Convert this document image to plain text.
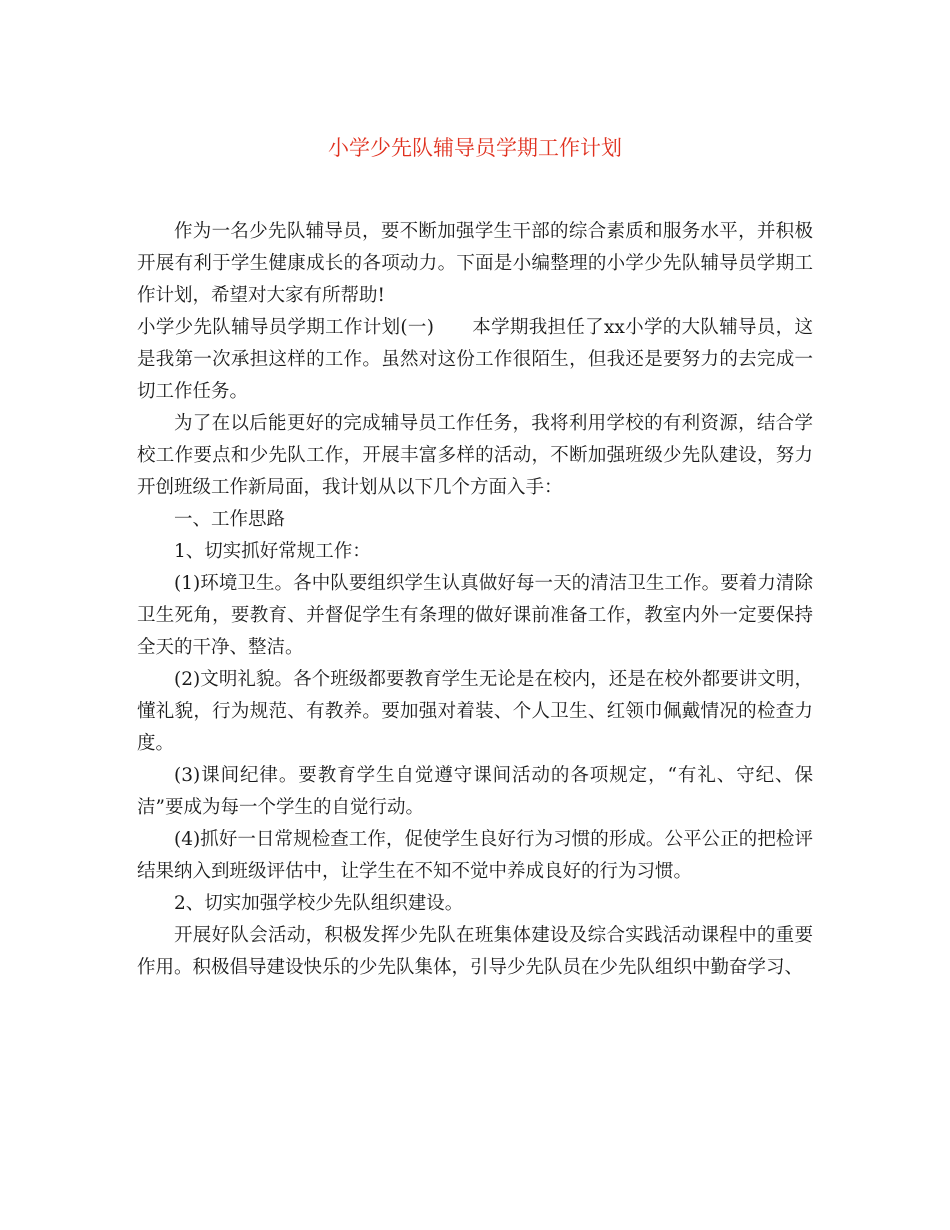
小学少先队辅导员学期工作计划

作为一名少先队辅导员，要不断加强学生干部的综合素质和服务水平，并积极开展有利于学生健康成长的各项动力。下面是小编整理的小学少先队辅导员学期工作计划，希望对大家有所帮助!

小学少先队辅导员学期工作计划(一) 本学期我担任了xx小学的大队辅导员，这是我第一次承担这样的工作。虽然对这份工作很陌生，但我还是要努力的去完成一切工作任务。

为了在以后能更好的完成辅导员工作任务，我将利用学校的有利资源，结合学校工作要点和少先队工作，开展丰富多样的活动，不断加强班级少先队建设，努力开创班级工作新局面，我计划从以下几个方面入手：

一、工作思路

1、切实抓好常规工作：

(1)环境卫生。各中队要组织学生认真做好每一天的清洁卫生工作。要着力清除卫生死角，要教育、并督促学生有条理的做好课前准备工作，教室内外一定要保持全天的干净、整洁。

(2)文明礼貌。各个班级都要教育学生无论是在校内，还是在校外都要讲文明，懂礼貌，行为规范、有教养。要加强对着装、个人卫生、红领巾佩戴情况的检查力度。

(3)课间纪律。要教育学生自觉遵守课间活动的各项规定，“有礼、守纪、保洁”要成为每一个学生的自觉行动。

(4)抓好一日常规检查工作，促使学生良好行为习惯的形成。公平公正的把检评结果纳入到班级评估中，让学生在不知不觉中养成良好的行为习惯。

2、切实加强学校少先队组织建设。

开展好队会活动，积极发挥少先队在班集体建设及综合实践活动课程中的重要作用。积极倡导建设快乐的少先队集体，引导少先队员在少先队组织中勤奋学习、
